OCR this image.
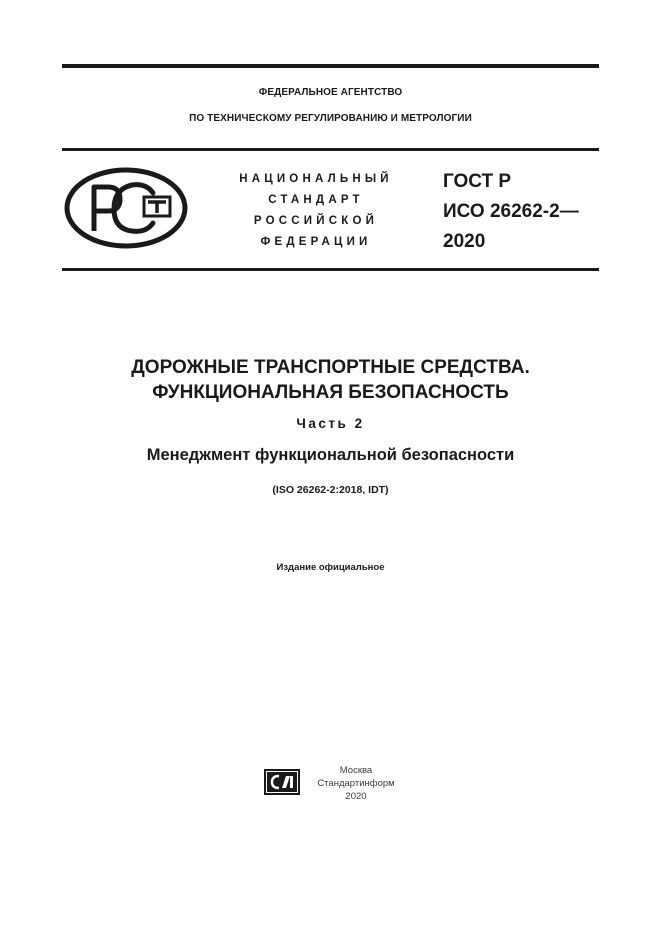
ФЕДЕРАЛЬНОЕ АГЕНТСТВО
ПО ТЕХНИЧЕСКОМУ РЕГУЛИРОВАНИЮ И МЕТРОЛОГИИ
НАЦИОНАЛЬНЫЙ
СТАНДАРТ
РОССИЙСКОЙ
ФЕДЕРАЦИИ
ГОСТ Р
ИСО 26262-2—
2020
ДОРОЖНЫЕ ТРАНСПОРТНЫЕ СРЕДСТВА.
ФУНКЦИОНАЛЬНАЯ БЕЗОПАСНОСТЬ
Часть 2
Менеджмент функциональной безопасности
(ISO 26262-2:2018, IDT)
Издание официальное
Москва
Стандартинформ
2020
